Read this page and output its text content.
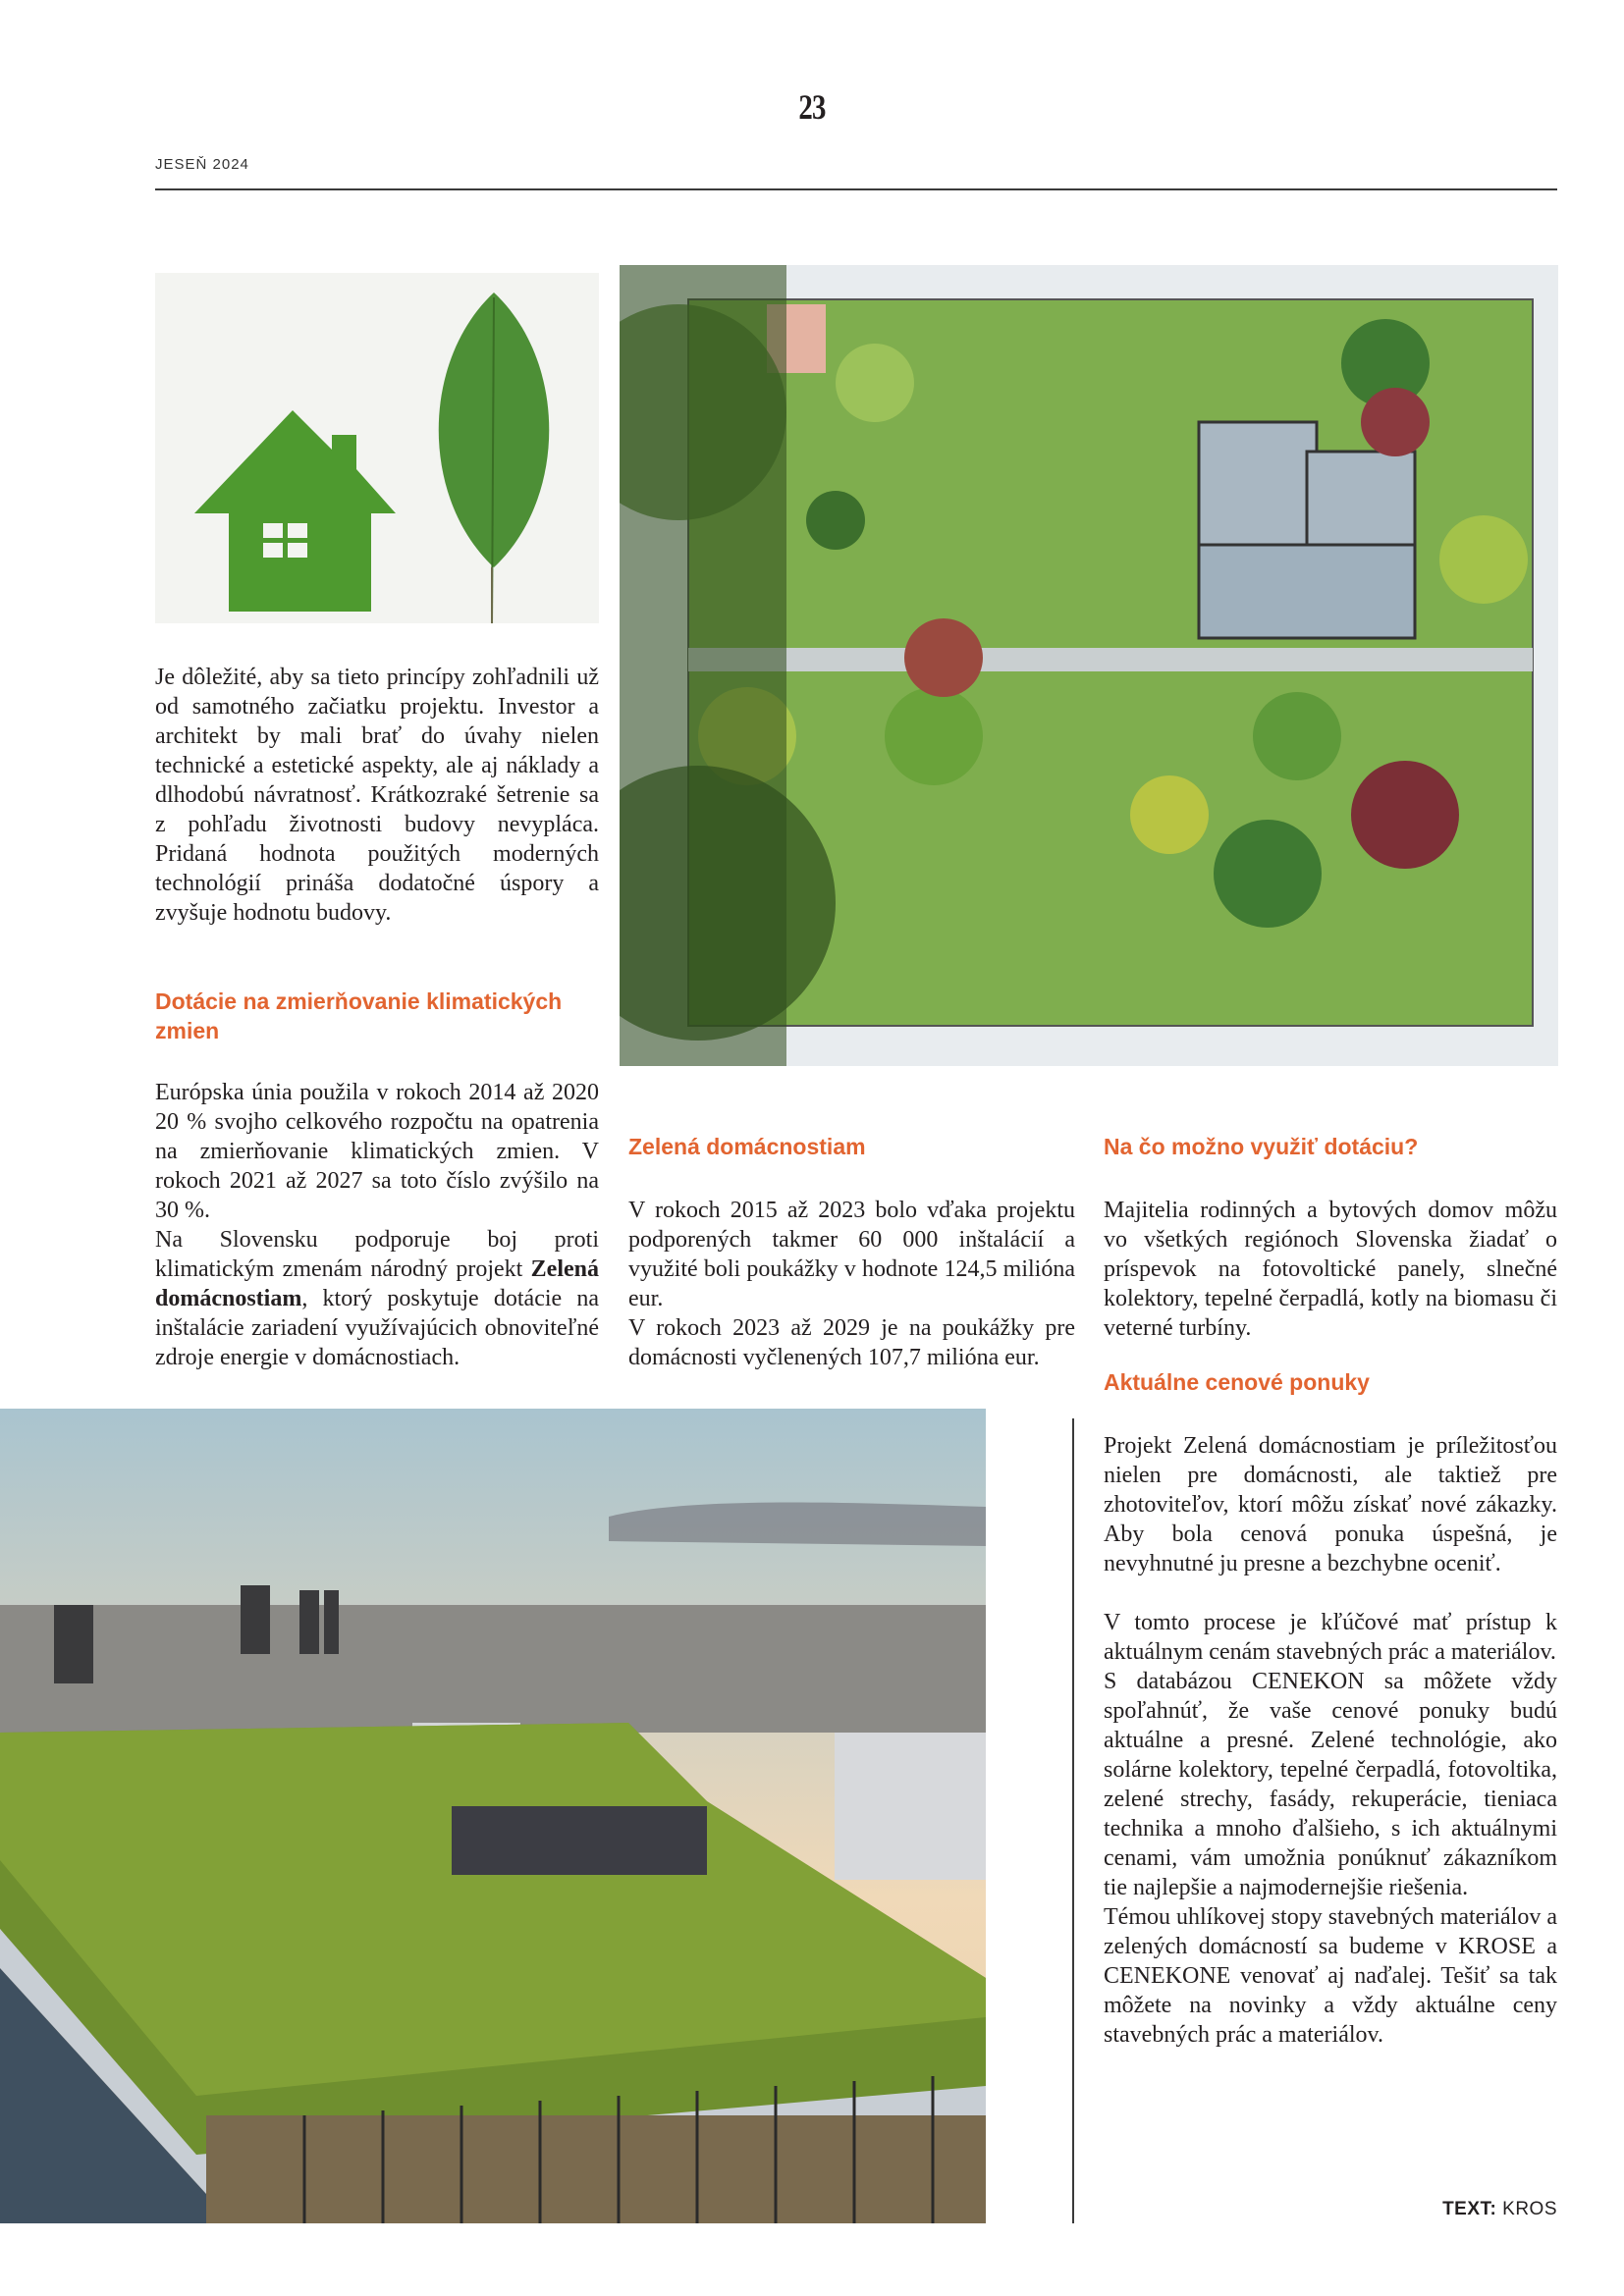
23
JESEŇ 2024

Je dôležité, aby sa tieto princípy zohľadnili už od samotného začiatku projektu. Investor a architekt by mali brať do úvahy nielen technické a estetické aspekty, ale aj náklady a dlhodobú návratnosť. Krátkozraké šetrenie sa z pohľadu životnosti budovy nevypláca. Pridaná hodnota použitých moderných technológií prináša dodatočné úspory a zvyšuje hodnotu budovy.

Dotácie na zmierňovanie klimatických zmien

Európska únia použila v rokoch 2014 až 2020 20 % svojho celkového rozpočtu na opatrenia na zmierňovanie klimatických zmien. V rokoch 2021 až 2027 sa toto číslo zvýšilo na 30 %.

Na Slovensku podporuje boj proti klimatickým zmenám národný projekt Zelená domácnostiam, ktorý poskytuje dotácie na inštalácie zariadení využívajúcich obnoviteľné zdroje energie v domácnostiach.

Zelená domácnostiam

V rokoch 2015 až 2023 bolo vďaka projektu podporených takmer 60 000 inštalácií a využité boli poukážky v hodnote 124,5 milióna eur.

V rokoch 2023 až 2029 je na poukážky pre domácnosti vyčlenených 107,7 milióna eur.

Na čo možno využiť dotáciu?

Majitelia rodinných a bytových domov môžu vo všetkých regiónoch Slovenska žiadať o príspevok na fotovoltické panely, slnečné kolektory, tepelné čerpadlá, kotly na biomasu či veterné turbíny.

Aktuálne cenové ponuky

Projekt Zelená domácnostiam je príležitosťou nielen pre domácnosti, ale taktiež pre zhotoviteľov, ktorí môžu získať nové zákazky. Aby bola cenová ponuka úspešná, je nevyhnutné ju presne a bezchybne oceniť.

V tomto procese je kľúčové mať prístup k aktuálnym cenám stavebných prác a materiálov.

S databázou CENEKON sa môžete vždy spoľahnúť, že vaše cenové ponuky budú aktuálne a presné. Zelené technológie, ako solárne kolektory, tepelné čerpadlá, fotovoltika, zelené strechy, fasády, rekuperácie, tieniaca technika a mnoho ďalšieho, s ich aktuálnymi cenami, vám umožnia ponúknuť zákazníkom tie najlepšie a najmodernejšie riešenia.

Témou uhlíkovej stopy stavebných materiálov a zelených domácností sa budeme v KROSE a CENEKONE venovať aj naďalej. Tešiť sa tak môžete na novinky a vždy aktuálne ceny stavebných prác a materiálov.

TEXT: KROS
